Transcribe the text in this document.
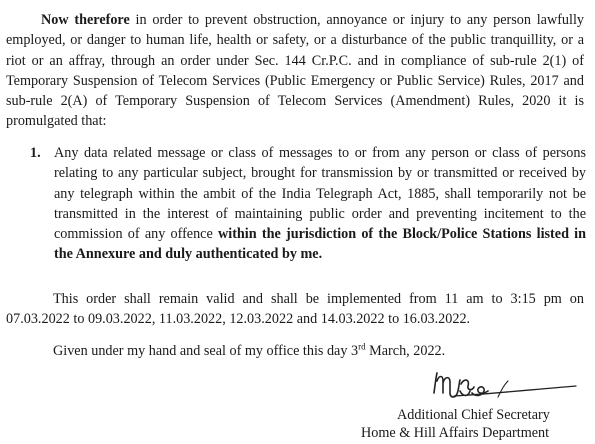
Now therefore in order to prevent obstruction, annoyance or injury to any person lawfully employed, or danger to human life, health or safety, or a disturbance of the public tranquillity, or a riot or an affray, through an order under Sec. 144 Cr.P.C. and in compliance of sub-rule 2(1) of Temporary Suspension of Telecom Services (Public Emergency or Public Service) Rules, 2017 and sub-rule 2(A) of Temporary Suspension of Telecom Services (Amendment) Rules, 2020 it is promulgated that:

1. Any data related message or class of messages to or from any person or class of persons relating to any particular subject, brought for transmission by or transmitted or received by any telegraph within the ambit of the India Telegraph Act, 1885, shall temporarily not be transmitted in the interest of maintaining public order and preventing incitement to the commission of any offence within the jurisdiction of the Block/Police Stations listed in the Annexure and duly authenticated by me.

This order shall remain valid and shall be implemented from 11 am to 3:15 pm on 07.03.2022 to 09.03.2022, 11.03.2022, 12.03.2022 and 14.03.2022 to 16.03.2022.

Given under my hand and seal of my office this day 3rd March, 2022.

Additional Chief Secretary
Home & Hill Affairs Department
